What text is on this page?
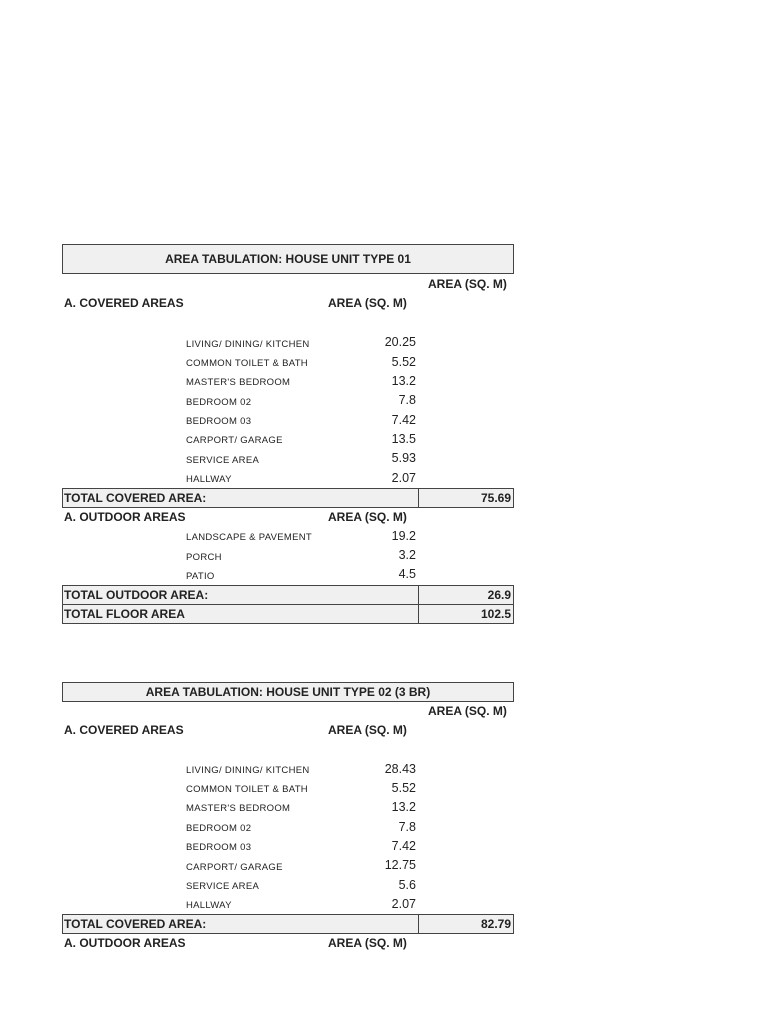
AREA TABULATION: HOUSE UNIT TYPE 01
AREA (SQ. M)
A. COVERED AREAS	AREA (SQ. M)
LIVING/ DINING/ KITCHEN	20.25
COMMON TOILET & BATH	5.52
MASTER'S BEDROOM	13.2
BEDROOM 02	7.8
BEDROOM 03	7.42
CARPORT/ GARAGE	13.5
SERVICE AREA	5.93
HALLWAY	2.07
TOTAL COVERED AREA:	75.69
A. OUTDOOR AREAS	AREA (SQ. M)
LANDSCAPE & PAVEMENT	19.2
PORCH	3.2
PATIO	4.5
TOTAL OUTDOOR AREA:	26.9
TOTAL FLOOR AREA	102.5
AREA TABULATION: HOUSE UNIT TYPE 02 (3 BR)
AREA (SQ. M)
A. COVERED AREAS	AREA (SQ. M)
LIVING/ DINING/ KITCHEN	28.43
COMMON TOILET & BATH	5.52
MASTER'S BEDROOM	13.2
BEDROOM 02	7.8
BEDROOM 03	7.42
CARPORT/ GARAGE	12.75
SERVICE AREA	5.6
HALLWAY	2.07
TOTAL COVERED AREA:	82.79
A. OUTDOOR AREAS	AREA (SQ. M)
